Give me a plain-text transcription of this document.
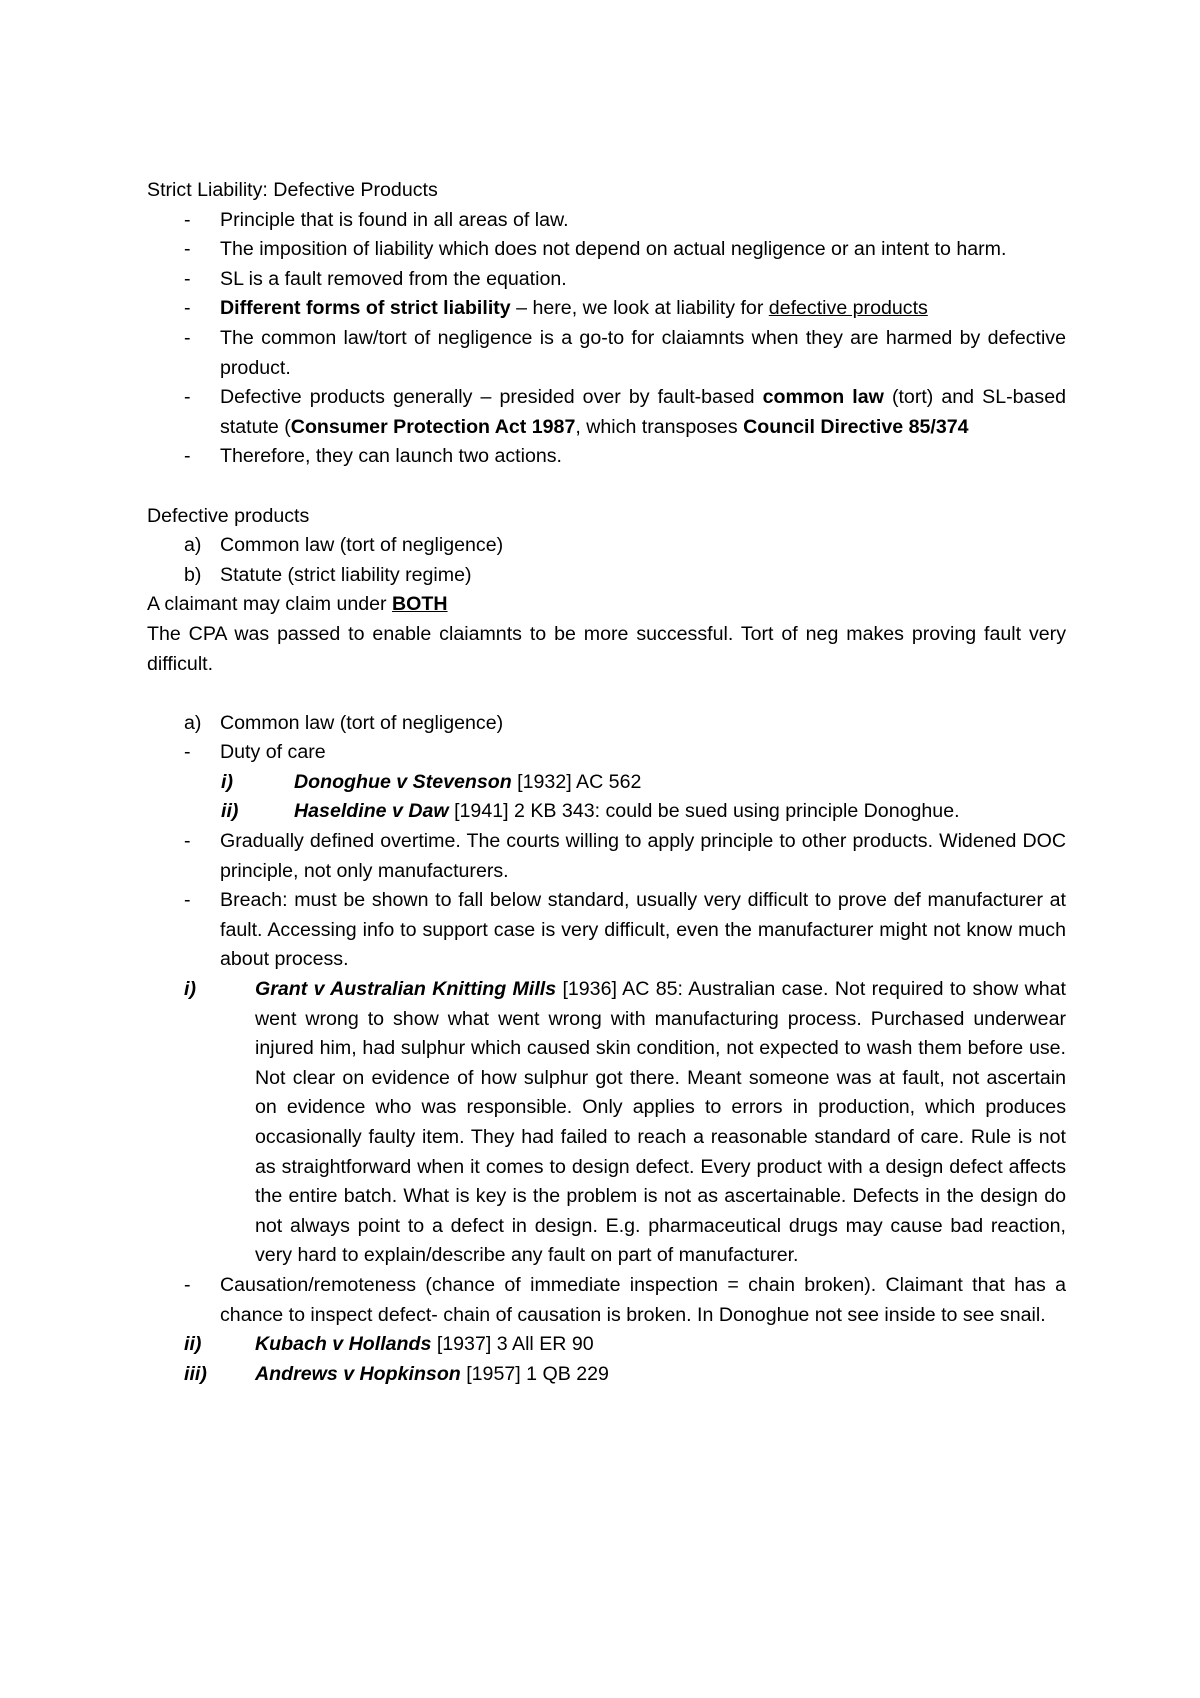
Strict Liability: Defective Products
-	Principle that is found in all areas of law.
-	The imposition of liability which does not depend on actual negligence or an intent to harm.
-	SL is a fault removed from the equation.
-	Different forms of strict liability – here, we look at liability for defective products
-	The common law/tort of negligence is a go-to for claiamnts when they are harmed by defective product.
-	Defective products generally – presided over by fault-based common law (tort) and SL-based statute (Consumer Protection Act 1987, which transposes Council Directive 85/374
-	Therefore, they can launch two actions.
Defective products
a) Common law (tort of negligence)
b) Statute (strict liability regime)
A claimant may claim under BOTH
The CPA was passed to enable claiamnts to be more successful. Tort of neg makes proving fault very difficult.
a) Common law (tort of negligence)
-	Duty of care
i)	Donoghue v Stevenson [1932] AC 562
ii)	Haseldine v Daw [1941] 2 KB 343: could be sued using principle Donoghue.
-	Gradually defined overtime. The courts willing to apply principle to other products. Widened DOC principle, not only manufacturers.
-	Breach: must be shown to fall below standard, usually very difficult to prove def manufacturer at fault. Accessing info to support case is very difficult, even the manufacturer might not know much about process.
i)	Grant v Australian Knitting Mills [1936] AC 85: Australian case. Not required to show what went wrong to show what went wrong with manufacturing process. Purchased underwear injured him, had sulphur which caused skin condition, not expected to wash them before use. Not clear on evidence of how sulphur got there. Meant someone was at fault, not ascertain on evidence who was responsible. Only applies to errors in production, which produces occasionally faulty item. They had failed to reach a reasonable standard of care. Rule is not as straightforward when it comes to design defect. Every product with a design defect affects the entire batch. What is key is the problem is not as ascertainable. Defects in the design do not always point to a defect in design. E.g. pharmaceutical drugs may cause bad reaction, very hard to explain/describe any fault on part of manufacturer.
-	Causation/remoteness (chance of immediate inspection = chain broken). Claimant that has a chance to inspect defect- chain of causation is broken. In Donoghue not see inside to see snail.
ii)	Kubach v Hollands [1937] 3 All ER 90
iii)	Andrews v Hopkinson [1957] 1 QB 229
